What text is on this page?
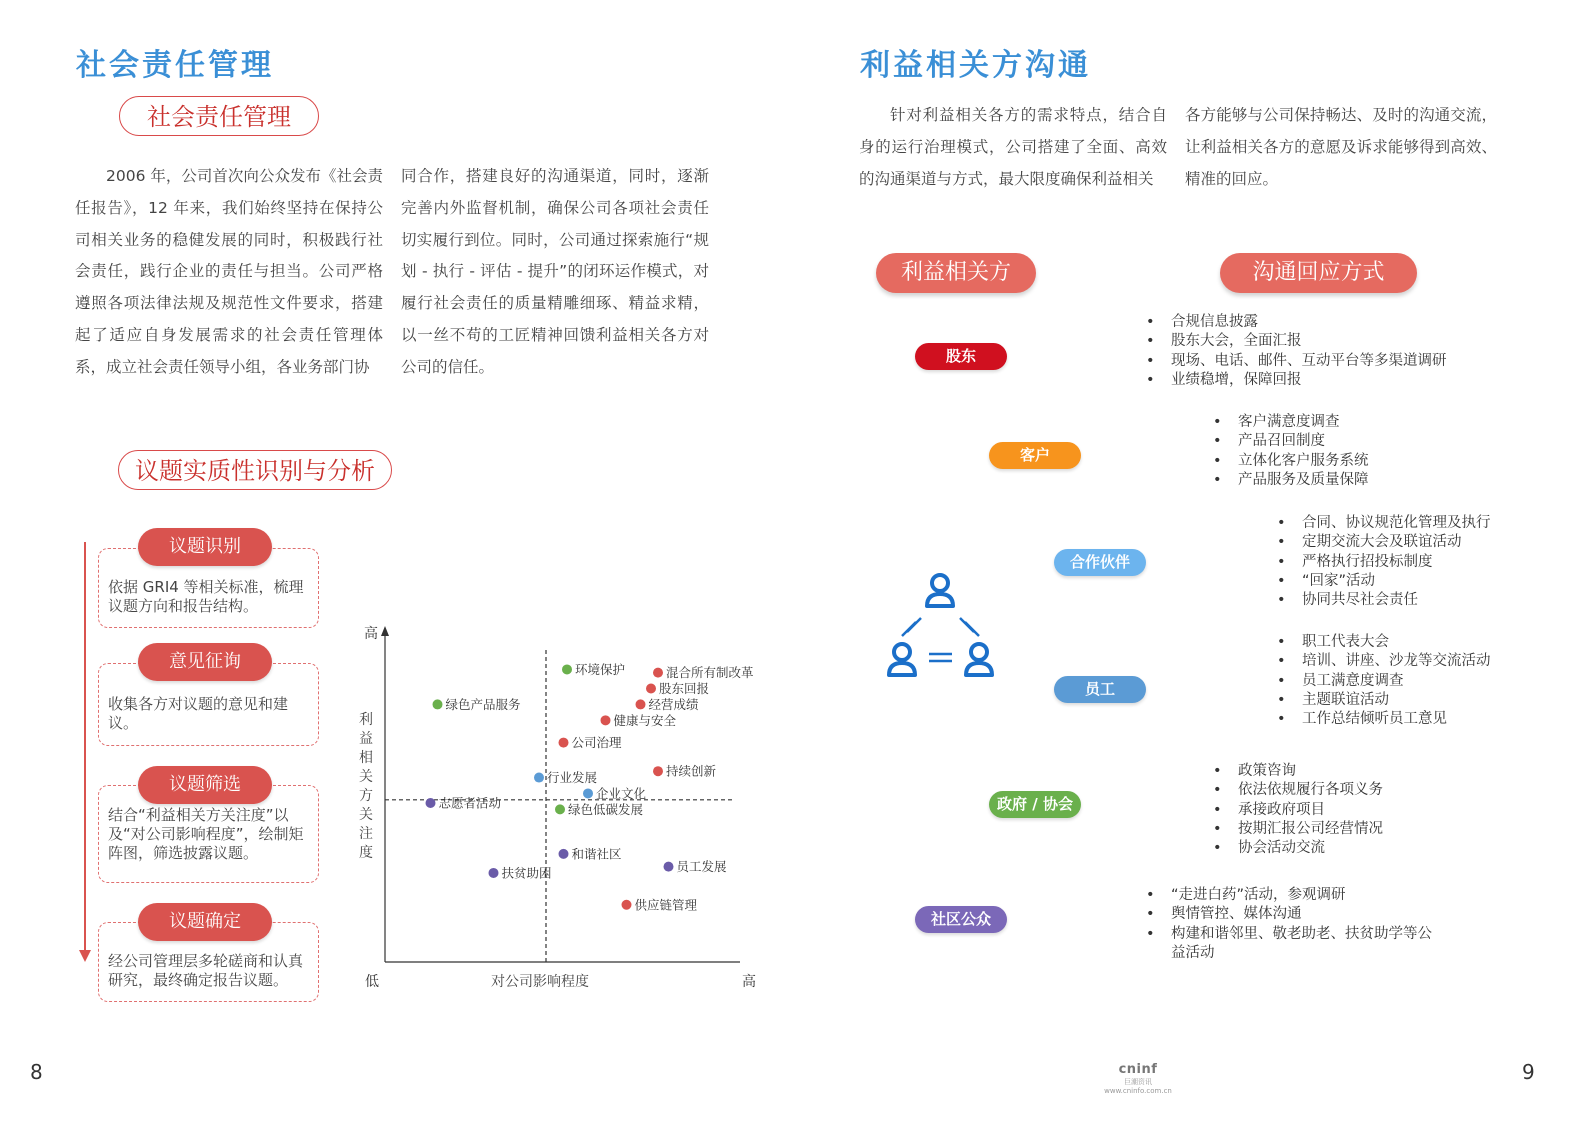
社会责任管理
社会责任管理
2006 年，公司首次向公众发布《社会责任报告》，12 年来，我们始终坚持在保持公司相关业务的稳健发展的同时，积极践行社会责任，践行企业的责任与担当。公司严格遵照各项法律法规及规范性文件要求，搭建起了适应自身发展需求的社会责任管理体系，成立社会责任领导小组，各业务部门协
同合作，搭建良好的沟通渠道，同时，逐渐完善内外监督机制，确保公司各项社会责任切实履行到位。同时，公司通过探索施行“规划 - 执行 - 评估 - 提升”的闭环运作模式，对履行社会责任的质量精雕细琢、精益求精，以一丝不苟的工匠精神回馈利益相关各方对公司的信任。
议题实质性识别与分析
议题识别
依据 GRI4 等相关标准，梳理议题方向和报告结构。
意见征询
收集各方对议题的意见和建议。
议题筛选
结合“利益相关方关注度”以及“对公司影响程度”，绘制矩阵图，筛选披露议题。
议题确定
经公司管理层多轮磋商和认真研究，最终确定报告议题。
高
低	高
对公司影响程度
利益相关方关注度
环境保护	混合所有制改革
股东回报
经营成绩
绿色产品服务
健康与安全
公司治理
持续创新
行业发展
企业文化
志愿者活动	绿色低碳发展
和谐社区
员工发展
扶贫助困
供应链管理
8
利益相关方沟通
针对利益相关各方的需求特点，结合自身的运行治理模式，公司搭建了全面、高效的沟通渠道与方式，最大限度确保利益相关
各方能够与公司保持畅达、及时的沟通交流，让利益相关各方的意愿及诉求能够得到高效、精准的回应。
利益相关方	沟通回应方式
股东
客户
合作伙伴
员工
政府 / 协会
社区公众
• 合规信息披露
• 股东大会，全面汇报
• 现场、电话、邮件、互动平台等多渠道调研
• 业绩稳增，保障回报
• 客户满意度调查
• 产品召回制度
• 立体化客户服务系统
• 产品服务及质量保障
• 合同、协议规范化管理及执行
• 定期交流大会及联谊活动
• 严格执行招投标制度
• “回家”活动
• 协同共尽社会责任
• 职工代表大会
• 培训、讲座、沙龙等交流活动
• 员工满意度调查
• 主题联谊活动
• 工作总结倾听员工意见
• 政策咨询
• 依法依规履行各项义务
• 承接政府项目
• 按期汇报公司经营情况
• 协会活动交流
• “走进白药”活动，参观调研
• 舆情管控、媒体沟通
• 构建和谐邻里、敬老助老、扶贫助学等公益活动
cninf
巨潮资讯
www.cninfo.com.cn
9
